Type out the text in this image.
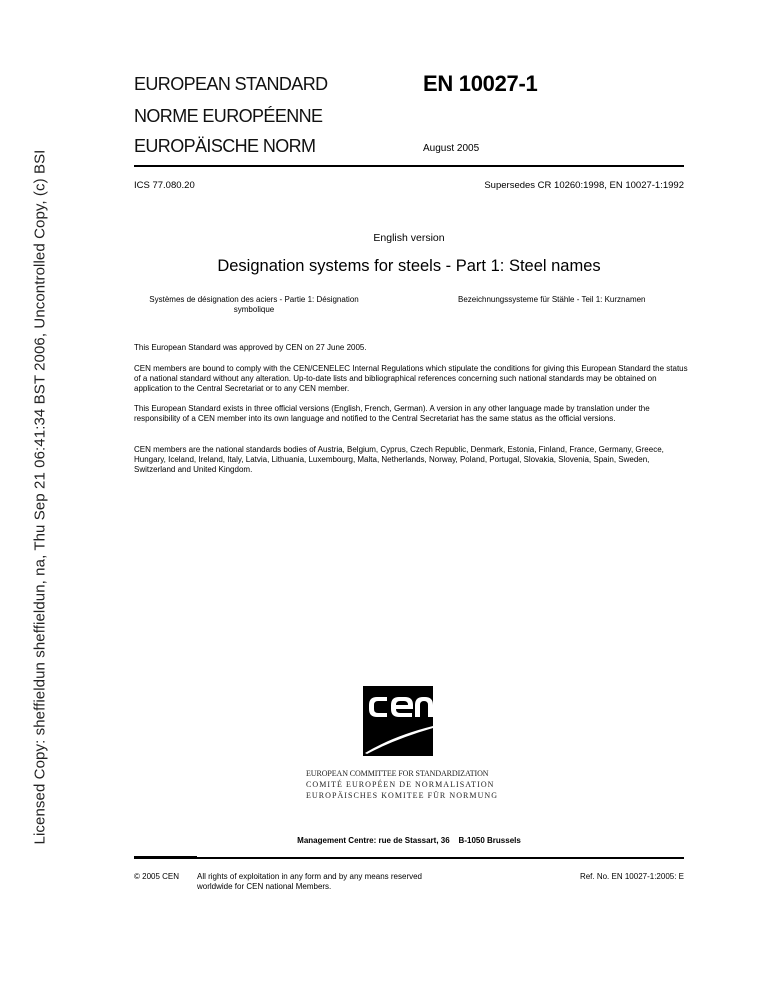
Licensed Copy: sheffieldun sheffieldun, na, Thu Sep 21 06:41:34 BST 2006, Uncontrolled Copy, (c) BSI
EUROPEAN STANDARD
NORME EUROPÉENNE
EUROPÄISCHE NORM
EN 10027-1
August 2005
ICS 77.080.20	Supersedes CR 10260:1998, EN 10027-1:1992
English version
Designation systems for steels - Part 1: Steel names
Systèmes de désignation des aciers - Partie 1: Désignation
symbolique
Bezeichnungssysteme für Stähle - Teil 1: Kurznamen
This European Standard was approved by CEN on 27 June 2005.
CEN members are bound to comply with the CEN/CENELEC Internal Regulations which stipulate the conditions for giving this European Standard the status of a national standard without any alteration. Up-to-date lists and bibliographical references concerning such national standards may be obtained on application to the Central Secretariat or to any CEN member.
This European Standard exists in three official versions (English, French, German). A version in any other language made by translation under the responsibility of a CEN member into its own language and notified to the Central Secretariat has the same status as the official versions.
CEN members are the national standards bodies of Austria, Belgium, Cyprus, Czech Republic, Denmark, Estonia, Finland, France, Germany, Greece, Hungary, Iceland, Ireland, Italy, Latvia, Lithuania, Luxembourg, Malta, Netherlands, Norway, Poland, Portugal, Slovakia, Slovenia, Spain, Sweden, Switzerland and United Kingdom.
EUROPEAN COMMITTEE FOR STANDARDIZATION
COMITÉ EUROPÉEN DE NORMALISATION
EUROPÄISCHES KOMITEE FÜR NORMUNG
Management Centre: rue de Stassart, 36    B-1050 Brussels
© 2005 CEN All rights of exploitation in any form and by any means reserved
worldwide for CEN national Members.
Ref. No. EN 10027-1:2005: E
